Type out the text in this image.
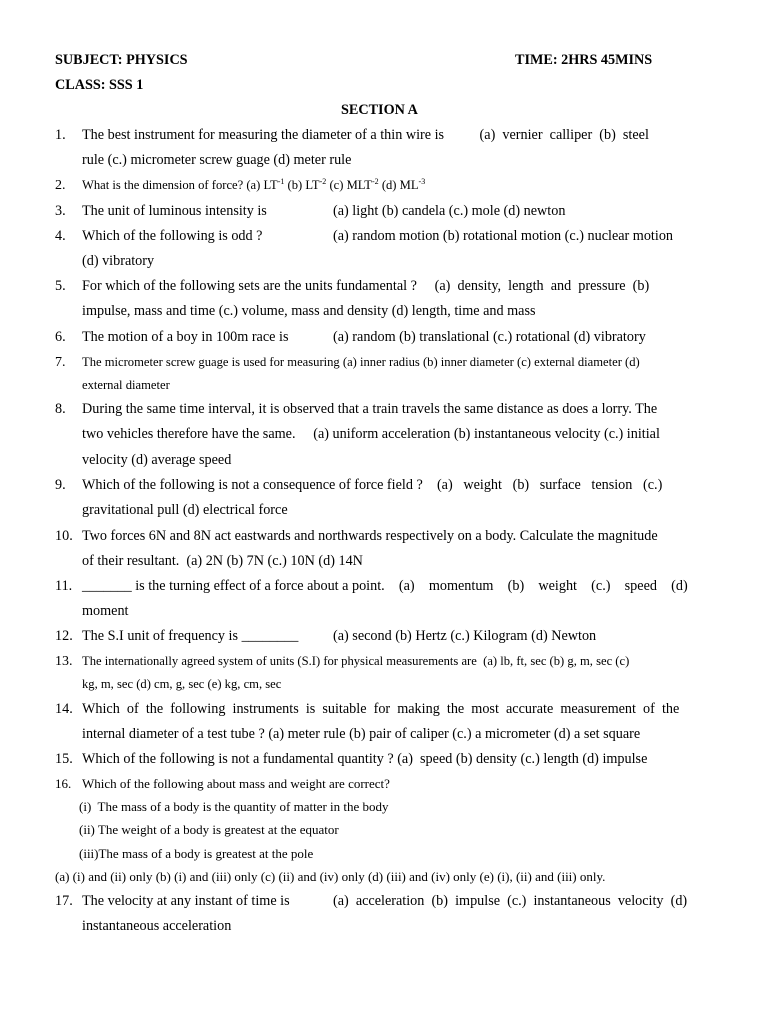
SUBJECT: PHYSICS	TIME: 2HRS 45MINS
CLASS: SSS 1
SECTION A
1. The best instrument for measuring the diameter of a thin wire is          (a)  vernier  calliper  (b)  steel
rule (c.) micrometer screw guage (d) meter rule
2. What is the dimension of force? (a) $LT^{-1}$ (b) $LT^{-2}$ (c) $MLT^{-2}$ (d) $ML^{-3}$
3. The unit of luminous intensity is	(a) light (b) candela (c.) mole (d) newton
4. Which of the following is odd ?	(a) random motion (b) rotational motion (c.) nuclear motion
(d) vibratory
5. For which of the following sets are the units fundamental ?     (a)  density,  length  and  pressure  (b)
impulse, mass and time (c.) volume, mass and density (d) length, time and mass
6. The motion of a boy in 100m race is	(a) random (b) translational (c.) rotational (d) vibratory
7. The micrometer screw guage is used for measuring (a) inner radius (b) inner diameter (c) external diameter (d)
external diameter
8. During the same time interval, it is observed that a train travels the same distance as does a lorry. The
two vehicles therefore have the same.     (a) uniform acceleration (b) instantaneous velocity (c.) initial
velocity (d) average speed
9. Which of the following is not a consequence of force field ?    (a)   weight   (b)   surface   tension   (c.)
gravitational pull (d) electrical force
10. Two forces 6N and 8N act eastwards and northwards respectively on a body. Calculate the magnitude
of their resultant.  (a) 2N (b) 7N (c.) 10N (d) 14N
11. _______ is the turning effect of a force about a point.    (a)    momentum    (b)    weight    (c.)    speed    (d)
moment
12. The S.I unit of frequency is ________	(a) second (b) Hertz (c.) Kilogram (d) Newton
13. The internationally agreed system of units (S.I) for physical measurements are  (a) lb, ft, sec (b) g, m, sec (c)
kg, m, sec (d) cm, g, sec (e) kg, cm, sec
14. Which  of  the  following  instruments  is  suitable  for  making  the  most  accurate  measurement  of  the
internal diameter of a test tube ? (a) meter rule (b) pair of caliper (c.) a micrometer (d) a set square
15. Which of the following is not a fundamental quantity ? (a)  speed (b) density (c.) length (d) impulse
16. Which of the following about mass and weight are correct?
(i)  The mass of a body is the quantity of matter in the body
(ii) The weight of a body is greatest at the equator
(iii)The mass of a body is greatest at the pole
(a) (i) and (ii) only (b) (i) and (iii) only (c) (ii) and (iv) only (d) (iii) and (iv) only (e) (i), (ii) and (iii) only.
17. The velocity at any instant of time is	(a)  acceleration  (b)  impulse  (c.)  instantaneous  velocity  (d)
instantaneous acceleration
